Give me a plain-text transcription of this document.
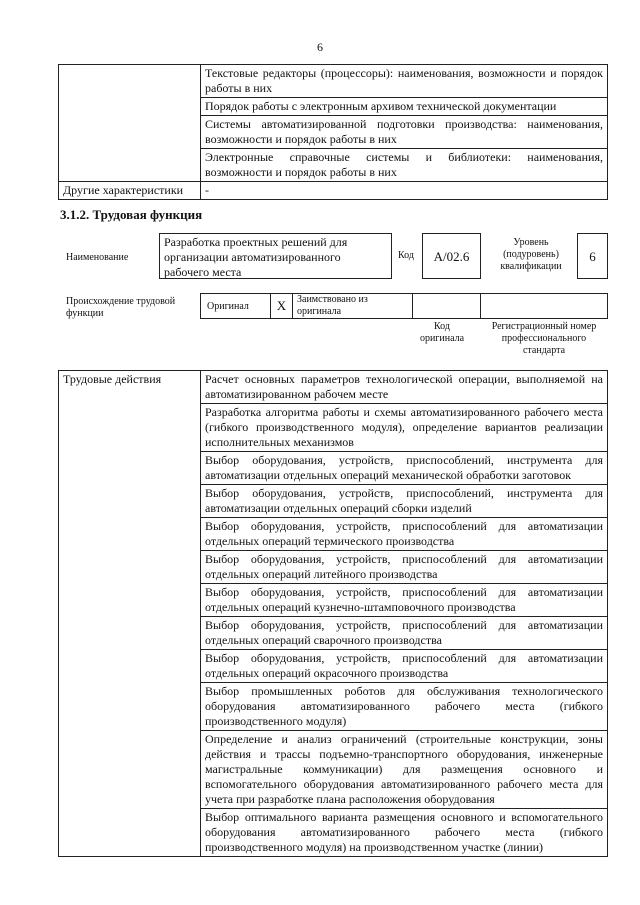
6
	Текстовые редакторы (процессоры): наименования, возможности и порядок работы в них
	Порядок работы с электронным архивом технической документации
	Системы автоматизированной подготовки производства: наименования, возможности и порядок работы в них
	Электронные справочные системы и библиотеки: наименования, возможности и порядок работы в них
Другие характеристики	-
3.1.2. Трудовая функция
Наименование
Разработка проектных решений для организации автоматизированного рабочего места
Код	А/02.6
Уровень (подуровень) квалификации
6
Происхождение трудовой функции
Оригинал	X	Заимствовано из оригинала
Код оригинала
Регистрационный номер профессионального стандарта
Трудовые действия	Расчет основных параметров технологической операции, выполняемой на автоматизированном рабочем месте
Разработка алгоритма работы и схемы автоматизированного рабочего места (гибкого производственного модуля), определение вариантов реализации исполнительных механизмов
Выбор оборудования, устройств, приспособлений, инструмента для автоматизации отдельных операций механической обработки заготовок
Выбор оборудования, устройств, приспособлений, инструмента для автоматизации отдельных операций сборки изделий
Выбор оборудования, устройств, приспособлений для автоматизации отдельных операций термического производства
Выбор оборудования, устройств, приспособлений для автоматизации отдельных операций литейного производства
Выбор оборудования, устройств, приспособлений для автоматизации отдельных операций кузнечно-штамповочного производства
Выбор оборудования, устройств, приспособлений для автоматизации отдельных операций сварочного производства
Выбор оборудования, устройств, приспособлений для автоматизации отдельных операций окрасочного производства
Выбор промышленных роботов для обслуживания технологического оборудования автоматизированного рабочего места (гибкого производственного модуля)
Определение и анализ ограничений (строительные конструкции, зоны действия и трассы подъемно-транспортного оборудования, инженерные магистральные коммуникации) для размещения основного и вспомогательного оборудования автоматизированного рабочего места для учета при разработке плана расположения оборудования
Выбор оптимального варианта размещения основного и вспомогательного оборудования автоматизированного рабочего места (гибкого производственного модуля) на производственном участке (линии)
